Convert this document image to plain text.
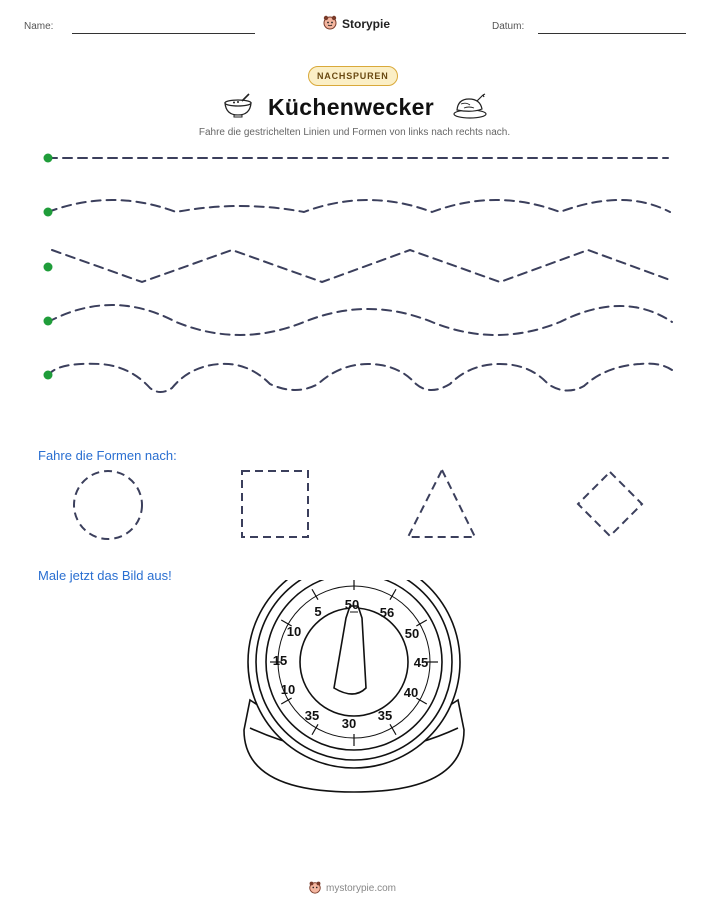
Name:	Storypie	Datum:
NACHSPUREN
Küchenwecker
Fahre die gestrichelten Linien und Formen von links nach rechts nach.
Fahre die Formen nach:
Male jetzt das Bild aus!
5 50
56
10	50
15	45
10	40
35
30
35
mystorypie.com
